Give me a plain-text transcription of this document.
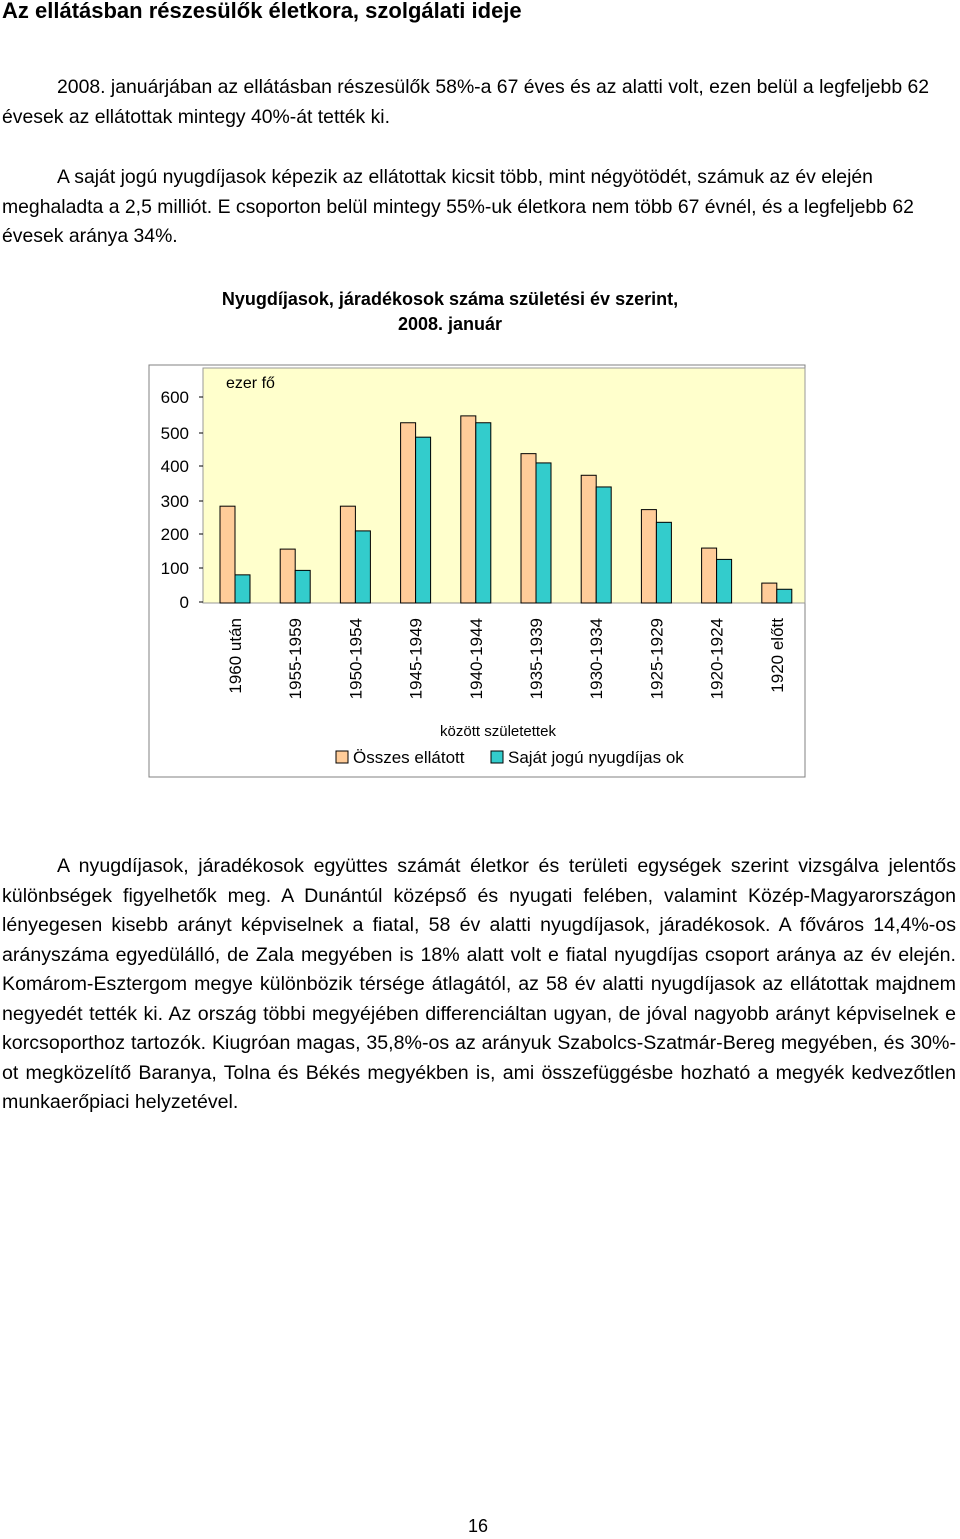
Az ellátásban részesülők életkora, szolgálati ideje

2008. januárjában az ellátásban részesülők 58%-a 67 éves és az alatti volt, ezen belül a legfeljebb 62 évesek az ellátottak mintegy 40%-át tették ki.

A saját jogú nyugdíjasok képezik az ellátottak kicsit több, mint négyötödét, számuk az év elején meghaladta a 2,5 milliót. E csoporton belül mintegy 55%-uk életkora nem több 67 évnél, és a legfeljebb 62 évesek aránya 34%.

Nyugdíjasok, járadékosok száma születési év szerint,
2008. január
0
100
200
300
400
500
600
ezer fő
1960 után 1955-1959 1950-1954 1945-1949 1940-1944 1935-1939 1930-1934 1925-1929 1920-1924 1920 előtt
között születettek
Összes ellátott	Saját jogú nyugdíjas ok

A nyugdíjasok, járadékosok együttes számát életkor és területi egységek szerint vizsgálva jelentős különbségek figyelhetők meg. A Dunántúl középső és nyugati felében, valamint Közép-Magyarországon lényegesen kisebb arányt képviselnek a fiatal, 58 év alatti nyugdíjasok, járadékosok. A főváros 14,4%-os arányszáma egyedülálló, de Zala megyében is 18% alatt volt e fiatal nyugdíjas csoport aránya az év elején. Komárom-Esztergom megye különbözik térsége átlagától, az 58 év alatti nyugdíjasok az ellátottak majdnem negyedét tették ki. Az ország többi megyéjében differenciáltan ugyan, de jóval nagyobb arányt képviselnek e korcsoporthoz tartozók. Kiugróan magas, 35,8%-os az arányuk Szabolcs-Szatmár-Bereg megyében, és 30%-ot megközelítő Baranya, Tolna és Békés megyékben is, ami összefüggésbe hozható a megyék kedvezőtlen munkaerőpiaci helyzetével.

16
